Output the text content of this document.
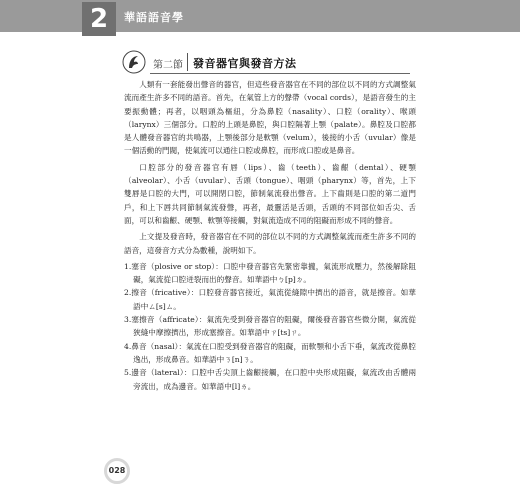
2	華語語音學
第二節 發音器官與發音方法

人類有一套能發出聲音的器官，但這些發音器官在不同的部位以不同的方式調整氣流而產生許多不同的語音。首先，在氣管上方的聲帶（vocal cords），是語音發生的主要振動體；再者，以咽頭為樞紐，分為鼻腔（nasality）、口腔（orality）、喉頭（larynx）三個部分。口腔的上頭是鼻腔，與口腔隔著上顎（palate）。鼻腔及口腔都是人體發音器官的共鳴器，上顎後部分是軟顎（velum），後接的小舌（uvular）像是一個活動的門閥，使氣流可以通往口腔或鼻腔，而形成口腔或是鼻音。

口腔部分的發音器官有唇（lips）、齒（teeth）、齒齦（dental）、硬顎（alveolar）、小舌（uvular）、舌頭（tongue）、咽頭（pharynx）等，首先，上下雙唇是口腔的大門，可以開閉口腔，節制氣流發出聲音。上下齒則是口腔的第二道門戶，和上下唇共同節制氣流發聲，再者，最靈活是舌頭，舌頭的不同部位如舌尖、舌面，可以和齒齦、硬顎、軟顎等接觸，對氣流造成不同的阻礙而形成不同的聲音。

上文提及發音時，發音器官在不同的部位以不同的方式調整氣流而產生許多不同的語音，這發音方式分為數種，說明如下。

1.塞音（plosive or stop）：口腔中發音器官先緊密靠攏，氣流形成壓力，然後解除阻礙，氣流從口腔迸裂而出的聲音。如華語中ㄅ[p]ㄉ。
2.擦音（fricative）：口腔發音器官接近，氣流從縫隙中擠出的語音，就是擦音。如華語中ㄙ[s]ㄙ。
3.塞擦音（affricate）：氣流先受到發音器官的阻礙，爾後發音器官些微分開，氣流從狹縫中摩擦擠出，形成塞擦音。如華語中ㄗ[ts]ㄗ。
4.鼻音（nasal）：氣流在口腔受到發音器官的阻礙，而軟顎和小舌下垂，氣流改從鼻腔逸出，形成鼻音。如華語中ㄋ[n]ㄋ。
5.邊音（lateral）：口腔中舌尖頂上齒齦接觸，在口腔中央形成阻礙，氣流改由舌體兩旁流出，成為邊音。如華語中[l]ㄌ。
028
